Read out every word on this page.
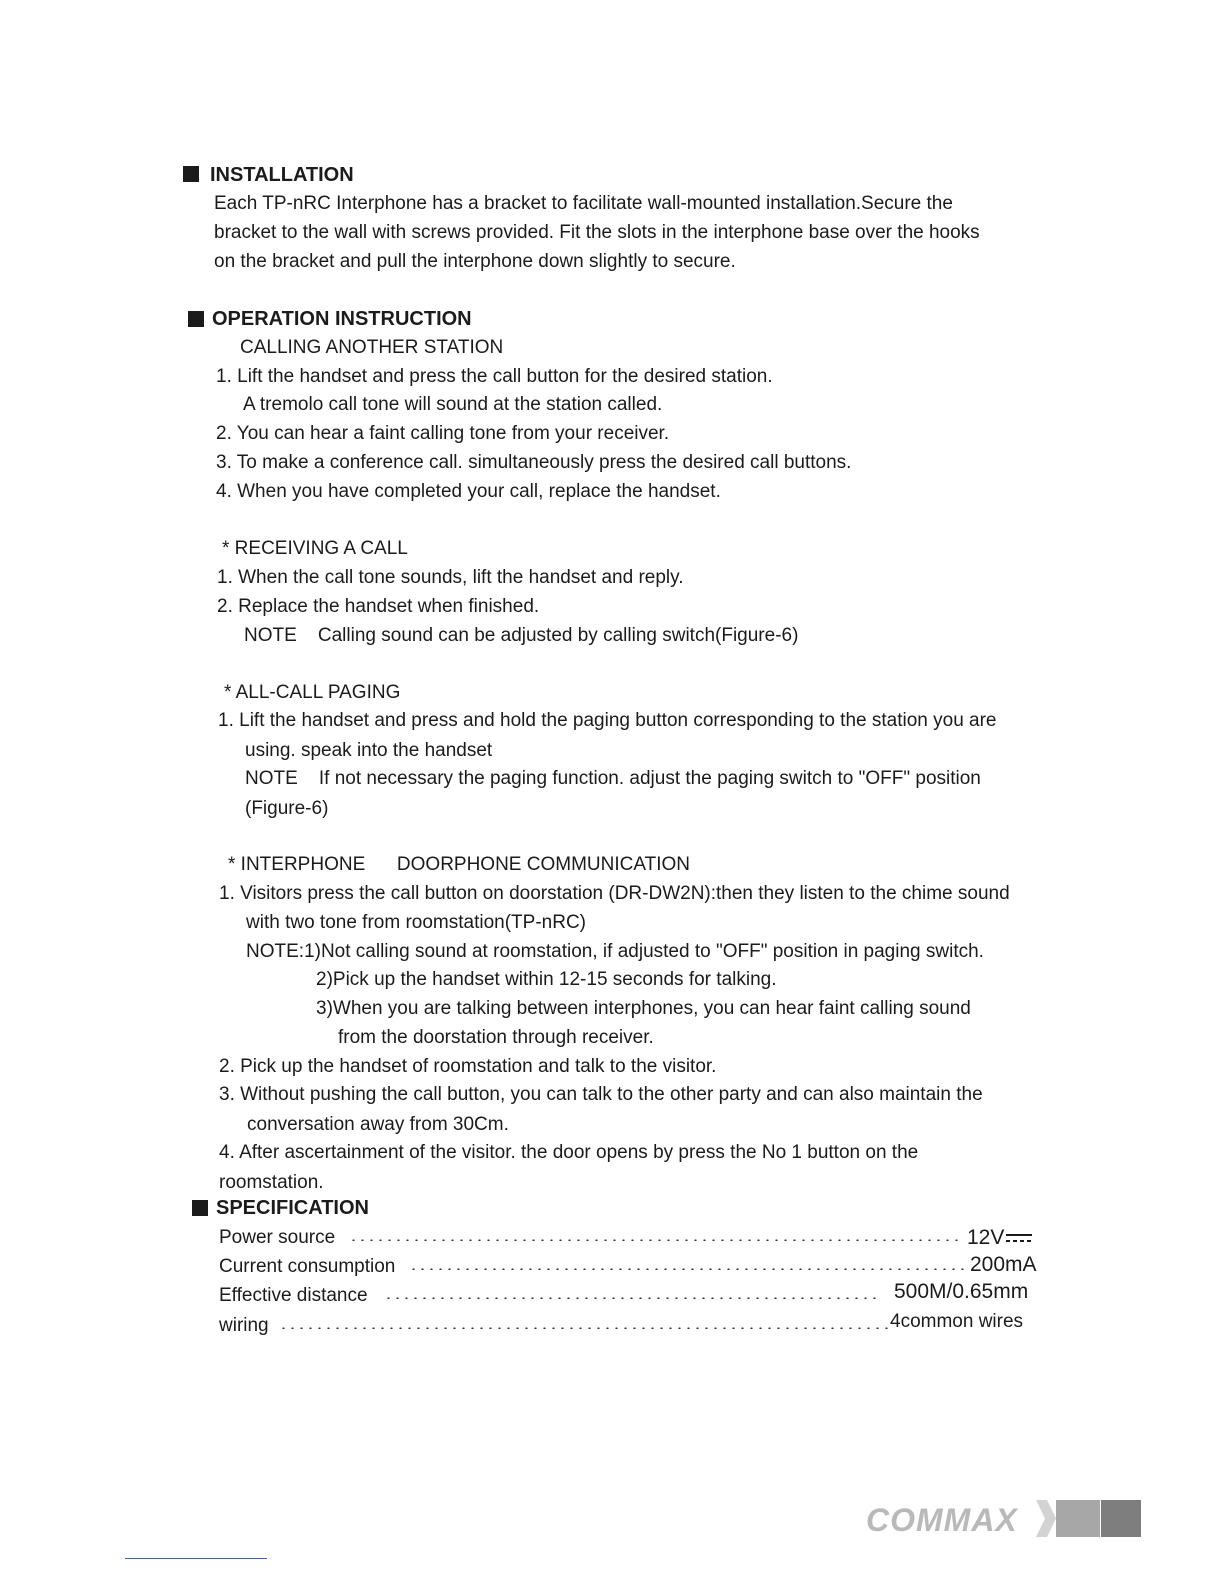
INSTALLATION
Each TP-nRC Interphone has a bracket to facilitate wall-mounted installation.Secure the
bracket to the wall with screws provided. Fit the slots in the interphone base over the hooks
on the bracket and pull the interphone down slightly to secure.
OPERATION INSTRUCTION
CALLING ANOTHER STATION
1. Lift the handset and press the call button for the desired station.
A tremolo call tone will sound at the station called.
2. You can hear a faint calling tone from your receiver.
3. To make a conference call. simultaneously press the desired call buttons.
4. When you have completed your call, replace the handset.
* RECEIVING A CALL
1. When the call tone sounds, lift the handset and reply.
2. Replace the handset when finished.
NOTE    Calling sound can be adjusted by calling switch(Figure-6)
* ALL-CALL PAGING
1. Lift the handset and press and hold the paging button corresponding to the station you are
using. speak into the handset
NOTE    If not necessary the paging function. adjust the paging switch to "OFF" position
(Figure-6)
* INTERPHONE      DOORPHONE COMMUNICATION
1. Visitors press the call button on doorstation (DR-DW2N):then they listen to the chime sound
with two tone from roomstation(TP-nRC)
NOTE:1)Not calling sound at roomstation, if adjusted to "OFF" position in paging switch.
2)Pick up the handset within 12-15 seconds for talking.
3)When you are talking between interphones, you can hear faint calling sound
from the doorstation through receiver.
2. Pick up the handset of roomstation and talk to the visitor.
3. Without pushing the call button, you can talk to the other party and can also maintain the
conversation away from 30Cm.
4. After ascertainment of the visitor. the door opens by press the No 1 button on the
roomstation.
SPECIFICATION
Power source	12V
Current consumption	200mA
Effective distance	500M/0.65mm
wiring	4common wires
COMMAX
